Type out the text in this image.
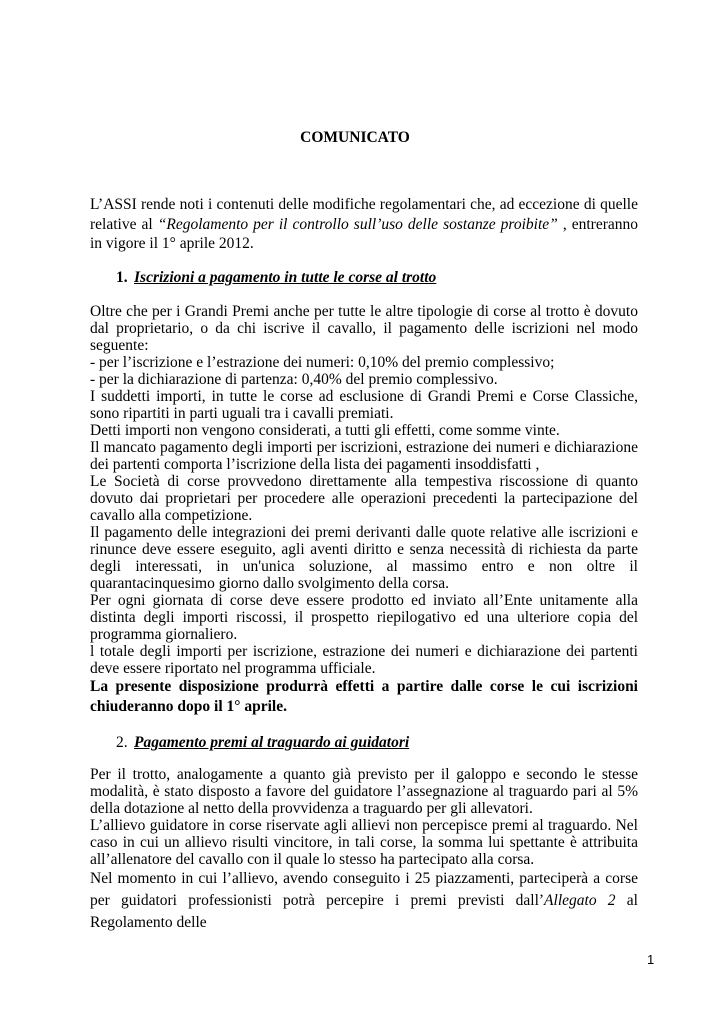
COMUNICATO

L’ASSI rende noti i contenuti delle modifiche regolamentari che, ad eccezione di quelle relative al “Regolamento per il controllo sull’uso delle sostanze proibite” , entreranno in vigore il 1° aprile 2012.

1. Iscrizioni a pagamento in tutte le corse al trotto

Oltre che per i Grandi Premi anche per tutte le altre tipologie di corse al trotto è dovuto dal proprietario, o da chi iscrive il cavallo, il pagamento delle iscrizioni nel modo seguente:

- per l’iscrizione e l’estrazione dei numeri: 0,10% del premio complessivo;

- per la dichiarazione di partenza: 0,40% del premio complessivo.

I suddetti importi, in tutte le corse ad esclusione di Grandi Premi e Corse Classiche, sono ripartiti in parti uguali tra i cavalli premiati.

Detti importi non vengono considerati, a tutti gli effetti, come somme vinte.

Il mancato pagamento degli importi per iscrizioni, estrazione dei numeri e dichiarazione dei partenti comporta l’iscrizione della lista dei pagamenti insoddisfatti ,

Le Società di corse provvedono direttamente alla tempestiva riscossione di quanto dovuto dai proprietari per procedere alle operazioni precedenti la partecipazione del cavallo alla competizione.

Il pagamento delle integrazioni dei premi derivanti dalle quote relative alle iscrizioni e rinunce deve essere eseguito, agli aventi diritto e senza necessità di richiesta da parte degli interessati, in un'unica soluzione, al massimo entro e non oltre il quarantacinquesimo giorno dallo svolgimento della corsa.

Per ogni giornata di corse deve essere prodotto ed inviato all’Ente unitamente alla distinta degli importi riscossi, il prospetto riepilogativo ed una ulteriore copia del programma giornaliero.

l totale degli importi per iscrizione, estrazione dei numeri e dichiarazione dei partenti deve essere riportato nel programma ufficiale.

La presente disposizione produrrà effetti a partire dalle corse le cui iscrizioni chiuderanno dopo il 1° aprile.

2. Pagamento premi al traguardo ai guidatori

Per il trotto, analogamente a quanto già previsto per il galoppo e secondo le stesse modalità, è stato disposto a favore del guidatore l’assegnazione al traguardo pari al 5% della dotazione al netto della provvidenza a traguardo per gli allevatori.

L’allievo guidatore in corse riservate agli allievi non percepisce premi al traguardo. Nel caso in cui un allievo risulti vincitore, in tali corse, la somma lui spettante è attribuita all’allenatore del cavallo con il quale lo stesso ha partecipato alla corsa.

Nel momento in cui l’allievo, avendo conseguito i 25 piazzamenti, parteciperà a corse per guidatori professionisti potrà percepire i premi previsti dall’Allegato 2 al Regolamento delle

1
